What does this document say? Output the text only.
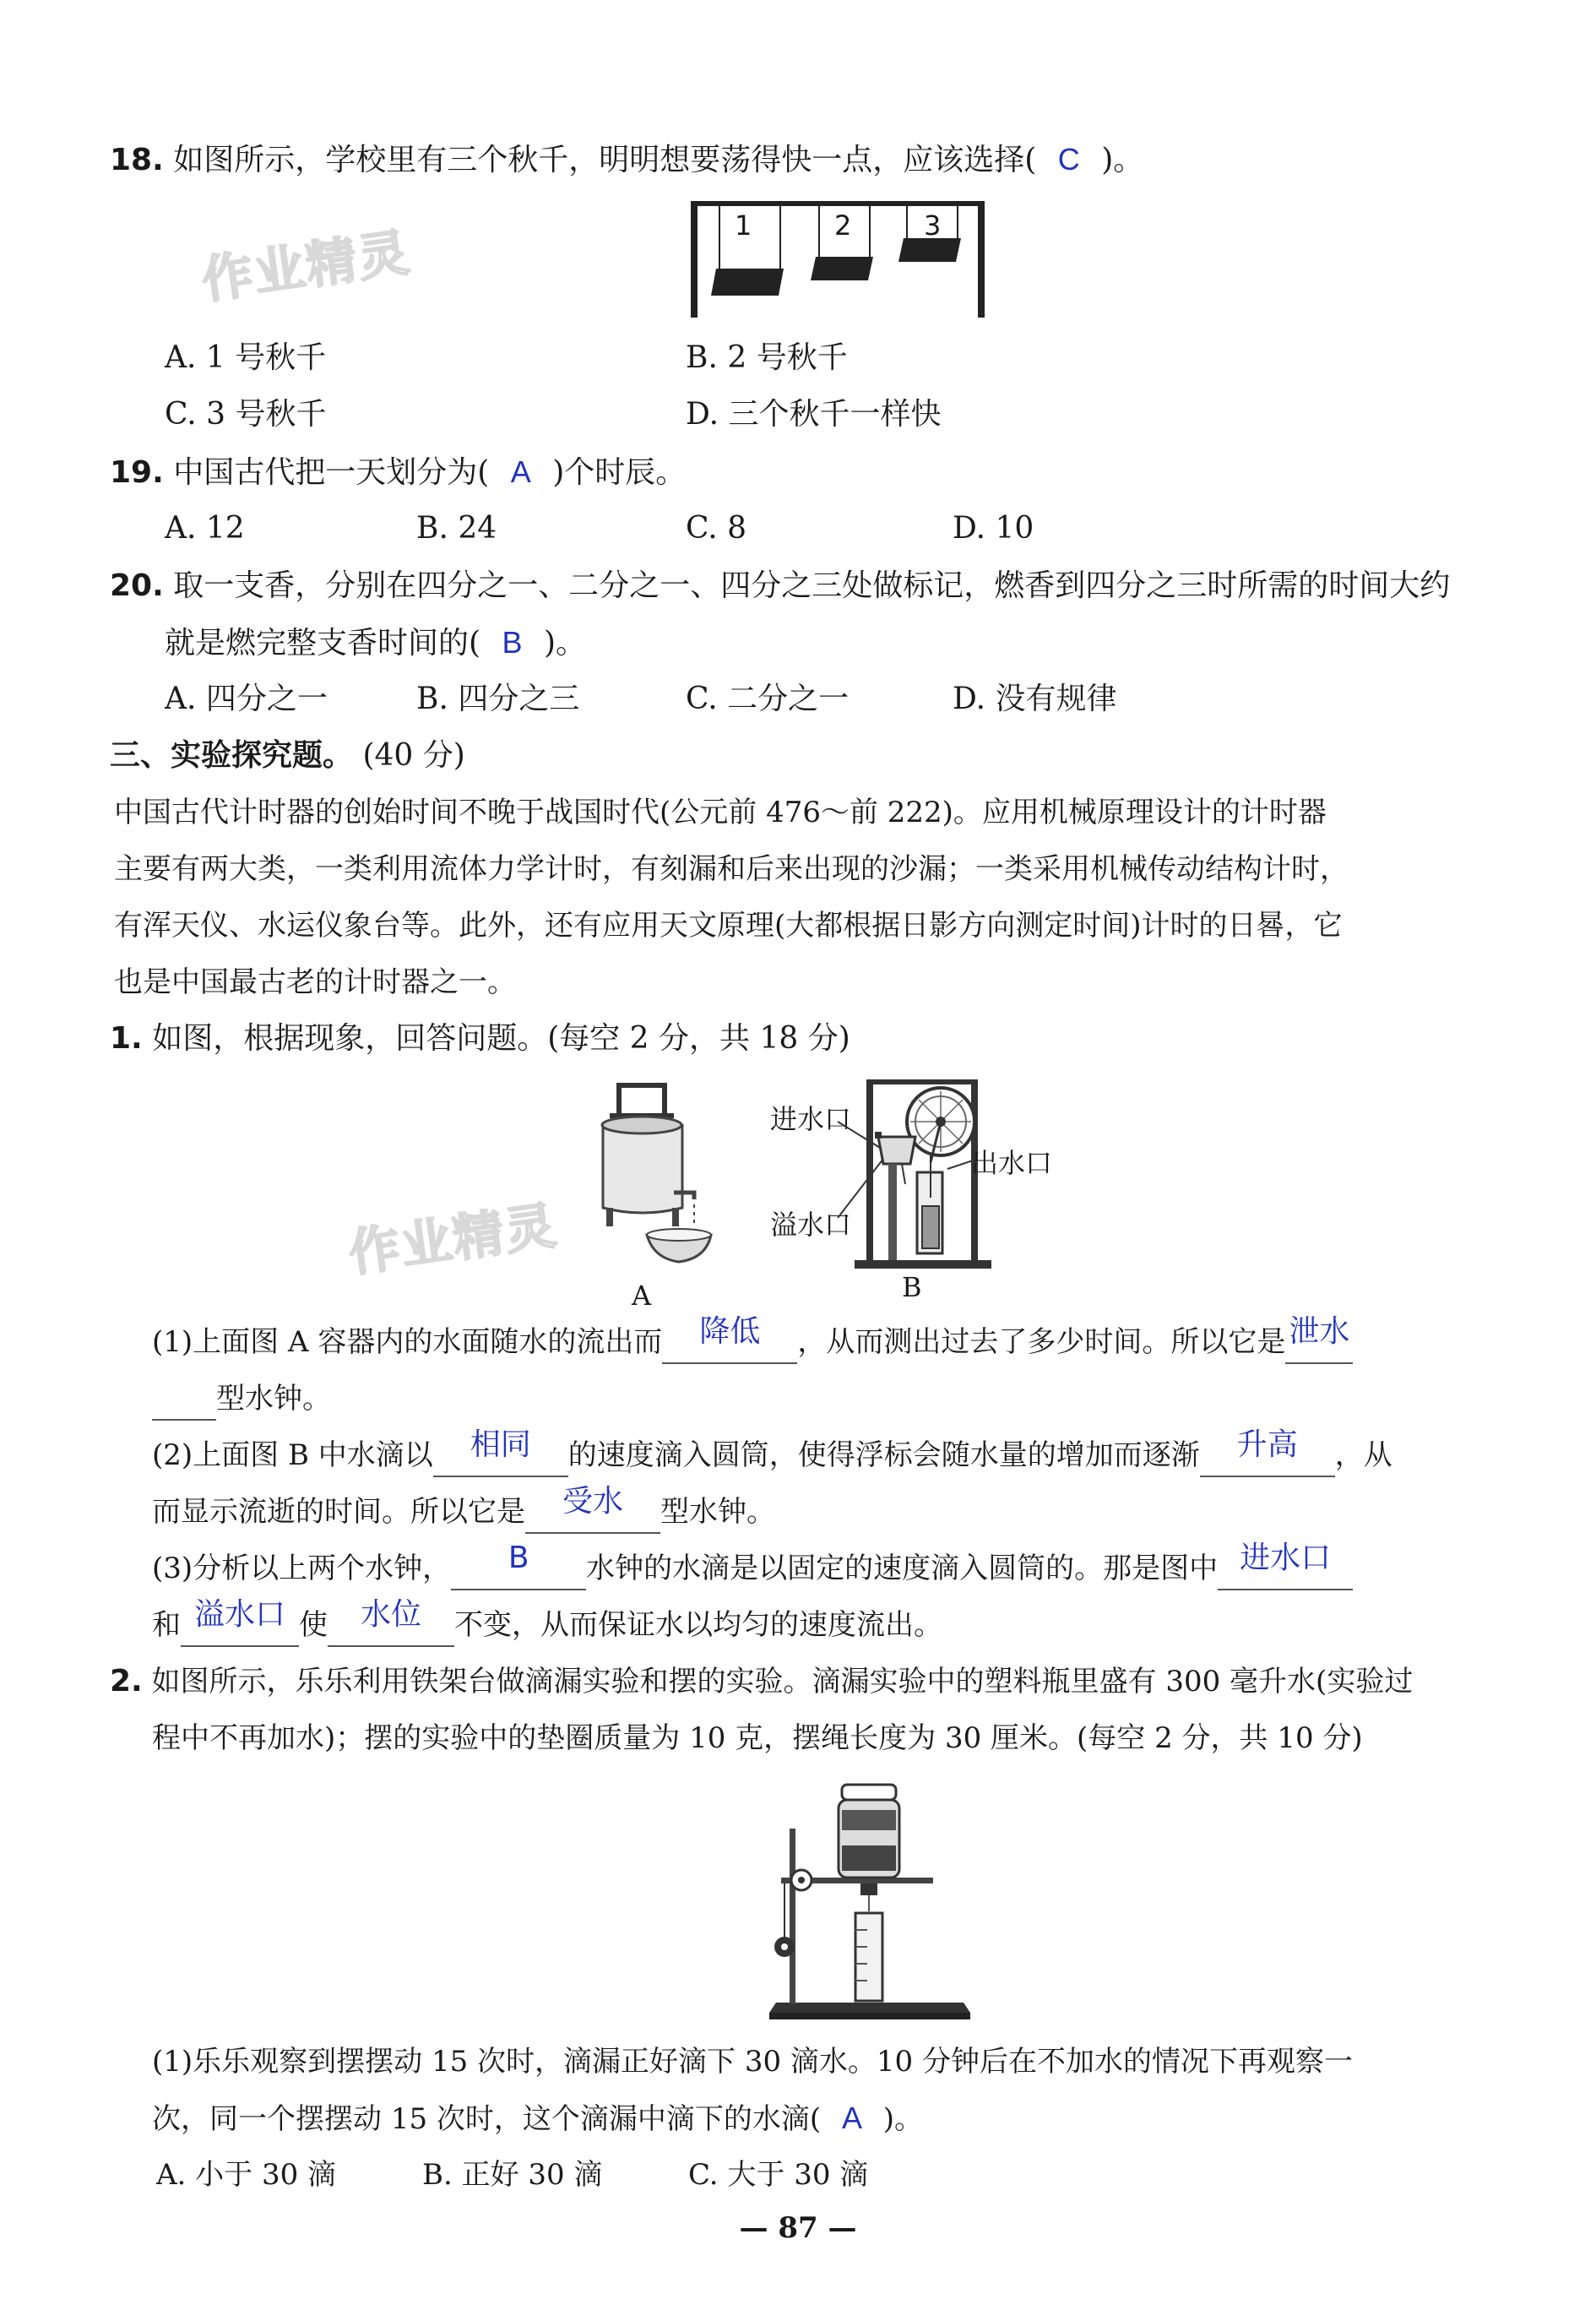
作业精灵
作业精灵
18. 如图所示，学校里有三个秋千，明明想要荡得快一点，应该选择( C )。
1	2	3
A. 1 号秋千	B. 2 号秋千
C. 3 号秋千	D. 三个秋千一样快
19. 中国古代把一天划分为( A )个时辰。
A. 12	B. 24	C. 8	D. 10
20. 取一支香，分别在四分之一、二分之一、四分之三处做标记，燃香到四分之三时所需的时间大约
就是燃完整支香时间的( B )。
A. 四分之一	B. 四分之三	C. 二分之一	D. 没有规律
三、实验探究题。 (40 分)
中国古代计时器的创始时间不晚于战国时代(公元前 476～前 222)。应用机械原理设计的计时器
主要有两大类，一类利用流体力学计时，有刻漏和后来出现的沙漏；一类采用机械传动结构计时，
有浑天仪、水运仪象台等。此外，还有应用天文原理(大都根据日影方向测定时间)计时的日晷，它
也是中国最古老的计时器之一。
1. 如图，根据现象，回答问题。(每空 2 分，共 18 分)
A
进水口
出水口
溢水口
B
(1)上面图 A 容器内的水面随水的流出而 降低 ，从而测出过去了多少时间。所以它是 泄水
型水钟。
(2)上面图 B 中水滴以 相同 的速度滴入圆筒，使得浮标会随水量的增加而逐渐 升高 ，从
而显示流逝的时间。所以它是 受水 型水钟。
(3)分析以上两个水钟， B 水钟的水滴是以固定的速度滴入圆筒的。那是图中 进水口
和 溢水口 使 水位 不变，从而保证水以均匀的速度流出。
2. 如图所示，乐乐利用铁架台做滴漏实验和摆的实验。滴漏实验中的塑料瓶里盛有 300 毫升水(实验过
程中不再加水)；摆的实验中的垫圈质量为 10 克，摆绳长度为 30 厘米。(每空 2 分，共 10 分)
(1)乐乐观察到摆摆动 15 次时，滴漏正好滴下 30 滴水。10 分钟后在不加水的情况下再观察一
次，同一个摆摆动 15 次时，这个滴漏中滴下的水滴( A )。
A. 小于 30 滴	B. 正好 30 滴	C. 大于 30 滴
— 87 —
